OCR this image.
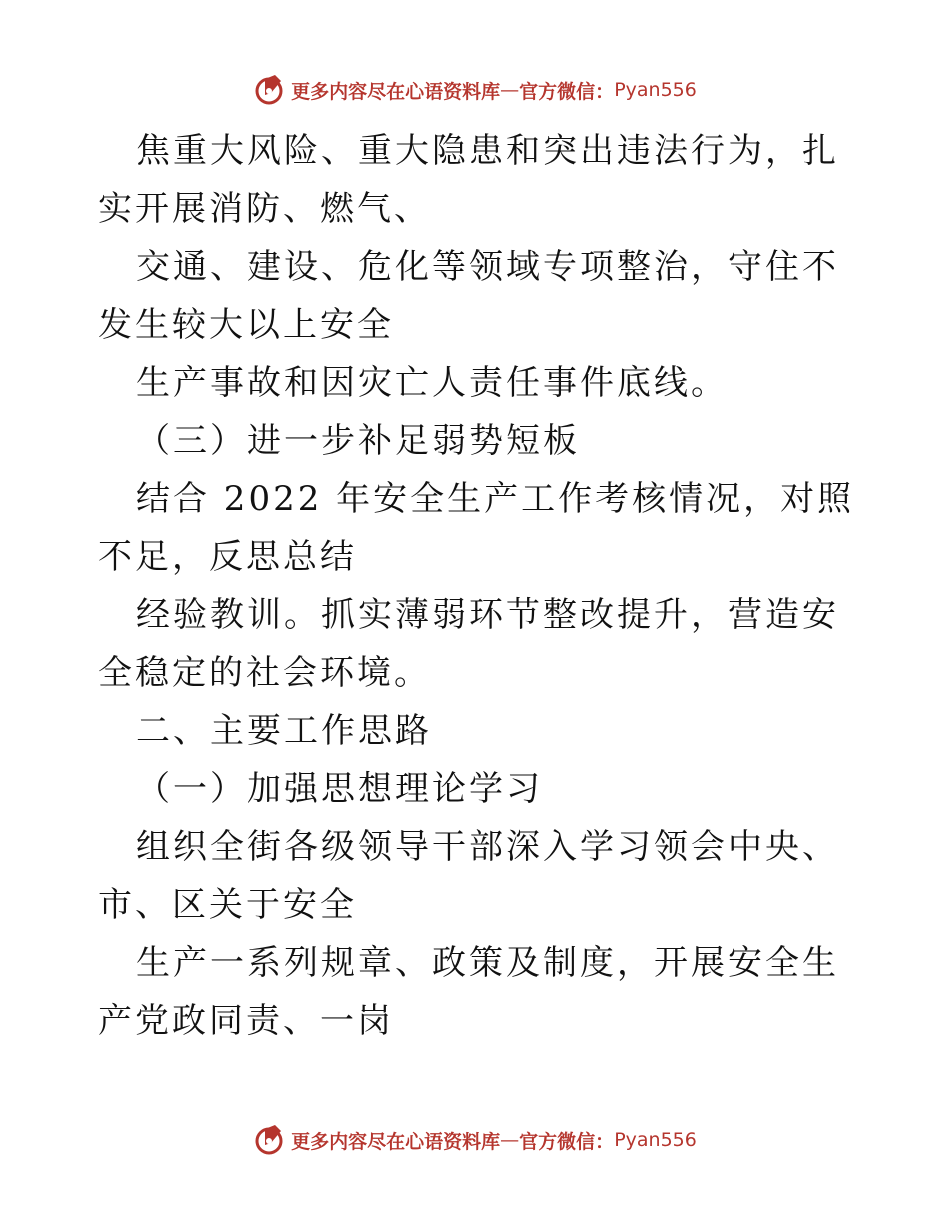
更多内容尽在心语资料库 — 官方微信： Pyan556

焦重大风险、重大隐患和突出违法行为，扎实开展消防、燃气、

交通、建设、危化等领域专项整治，守住不发生较大以上安全

生产事故和因灾亡人责任事件底线。

（三）进一步补足弱势短板

结合 2022 年安全生产工作考核情况，对照不足，反思总结

经验教训。抓实薄弱环节整改提升，营造安全稳定的社会环境。

二、主要工作思路

（一）加强思想理论学习

组织全街各级领导干部深入学习领会中央、市、区关于安全

生产一系列规章、政策及制度，开展安全生产党政同责、一岗

更多内容尽在心语资料库 — 官方微信： Pyan556
